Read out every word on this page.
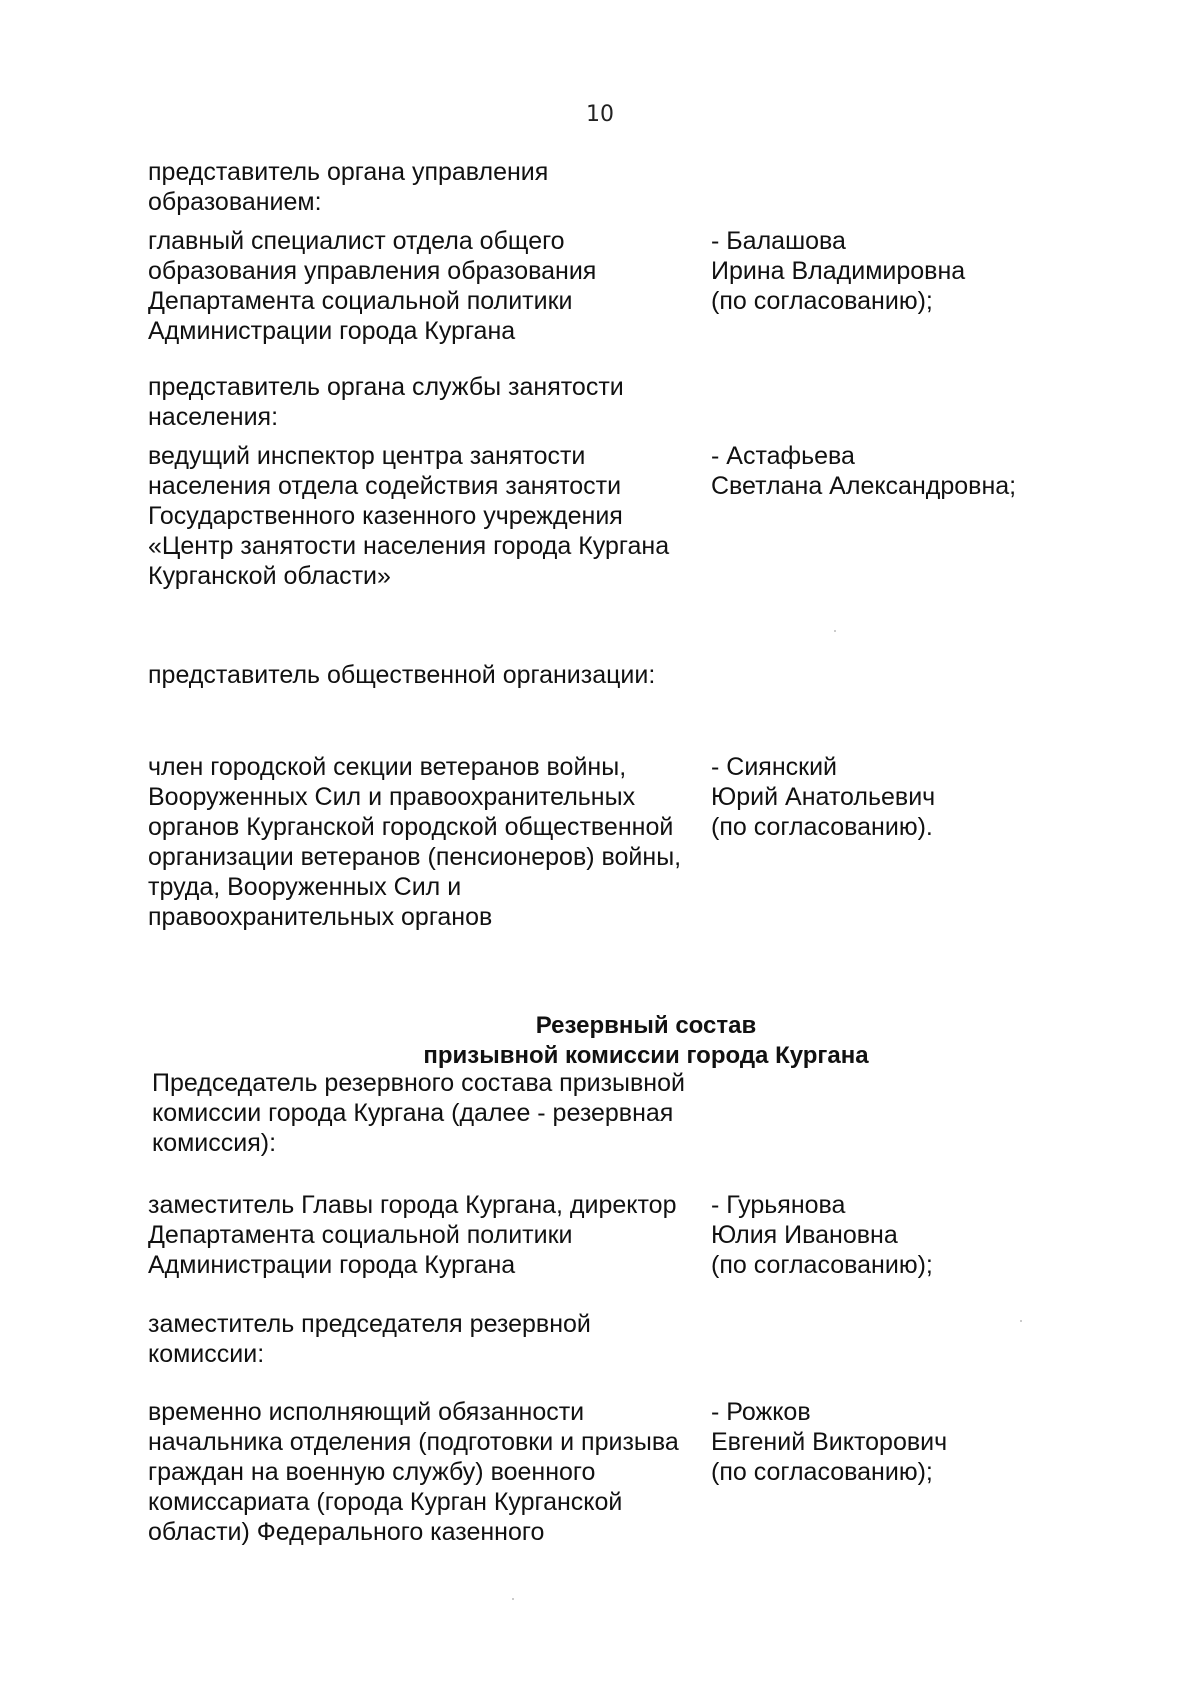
10
представитель органа управления
образованием:
главный специалист отдела общего
образования управления образования
Департамента социальной политики
Администрации города Кургана
- Балашова
Ирина Владимировна
(по согласованию);
представитель органа службы занятости
населения:
ведущий инспектор центра занятости
населения отдела содействия занятости
Государственного казенного учреждения
«Центр занятости населения города Кургана
Курганской области»
- Астафьева
Светлана Александровна;
представитель общественной организации:
член городской секции ветеранов войны,
Вооруженных Сил и правоохранительных
органов Курганской городской общественной
организации ветеранов (пенсионеров) войны,
труда, Вооруженных Сил и
правоохранительных органов
- Сиянский
Юрий Анатольевич
(по согласованию).

Резервный состав

призывной комиссии города Кургана

Председатель резервного состава призывной
комиссии города Кургана (далее - резервная
комиссия):
заместитель Главы города Кургана, директор
Департамента социальной политики
Администрации города Кургана
- Гурьянова
Юлия Ивановна
(по согласованию);
заместитель председателя резервной
комиссии:
временно исполняющий обязанности
начальника отделения (подготовки и призыва
граждан на военную службу) военного
комиссариата (города Курган Курганской
области) Федерального казенного
- Рожков
Евгений Викторович
(по согласованию);
